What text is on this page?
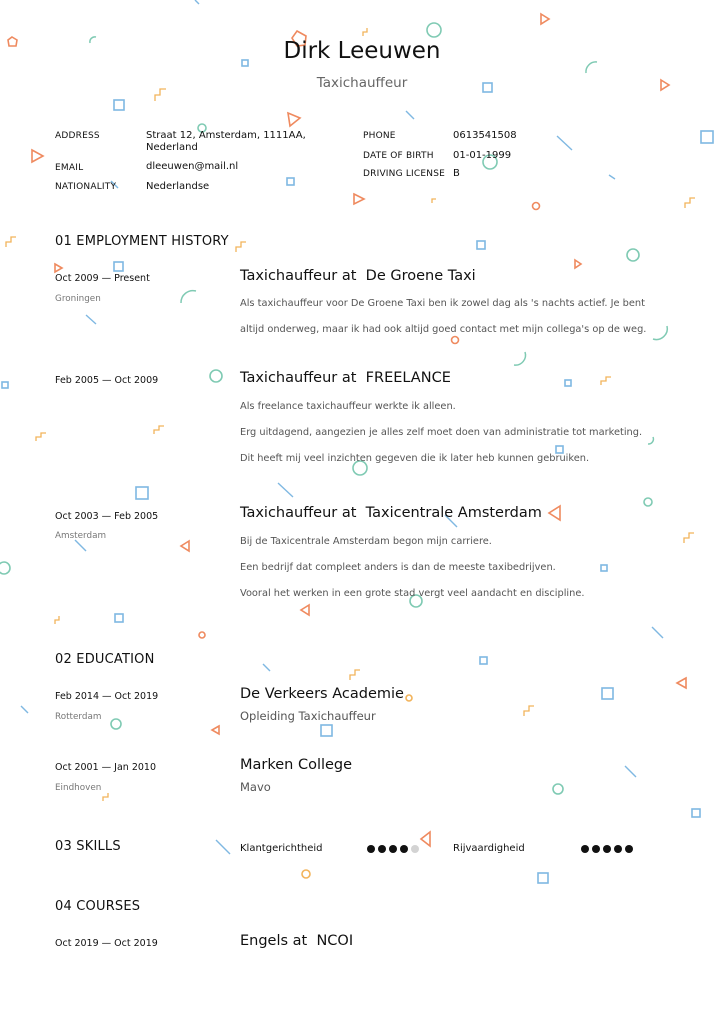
Dirk Leeuwen
Taxichauffeur
ADDRESS	Straat 12, Amsterdam, 1111AA, Nederland
EMAIL	dleeuwen@mail.nl
NATIONALITY	Nederlandse
PHONE	0613541508
DATE OF BIRTH 01-01-1999
DRIVING LICENSE B
01 EMPLOYMENT HISTORY
Oct 2009 — Present
Groningen
Taxichauffeur at  De Groene Taxi

Als taxichauffeur voor De Groene Taxi ben ik zowel dag als 's nachts actief. Je bent altijd onderweg, maar ik had ook altijd goed contact met mijn collega's op de weg.

Feb 2005 — Oct 2009	Taxichauffeur at  FREELANCE

Als freelance taxichauffeur werkte ik alleen.

Erg uitdagend, aangezien je alles zelf moet doen van administratie tot marketing.

Dit heeft mij veel inzichten gegeven die ik later heb kunnen gebruiken.

Oct 2003 — Feb 2005
Amsterdam
Taxichauffeur at  Taxicentrale Amsterdam

Bij de Taxicentrale Amsterdam begon mijn carriere.

Een bedrijf dat compleet anders is dan de meeste taxibedrijven.

Vooral het werken in een grote stad vergt veel aandacht en discipline.

02 EDUCATION
Feb 2014 — Oct 2019
Rotterdam
De Verkeers Academie
Opleiding Taxichauffeur
Oct 2001 — Jan 2010
Eindhoven
Marken College
Mavo
03 SKILLS	Klantgerichtheid	Rijvaardigheid
04 COURSES
Oct 2019 — Oct 2019	Engels at  NCOI
